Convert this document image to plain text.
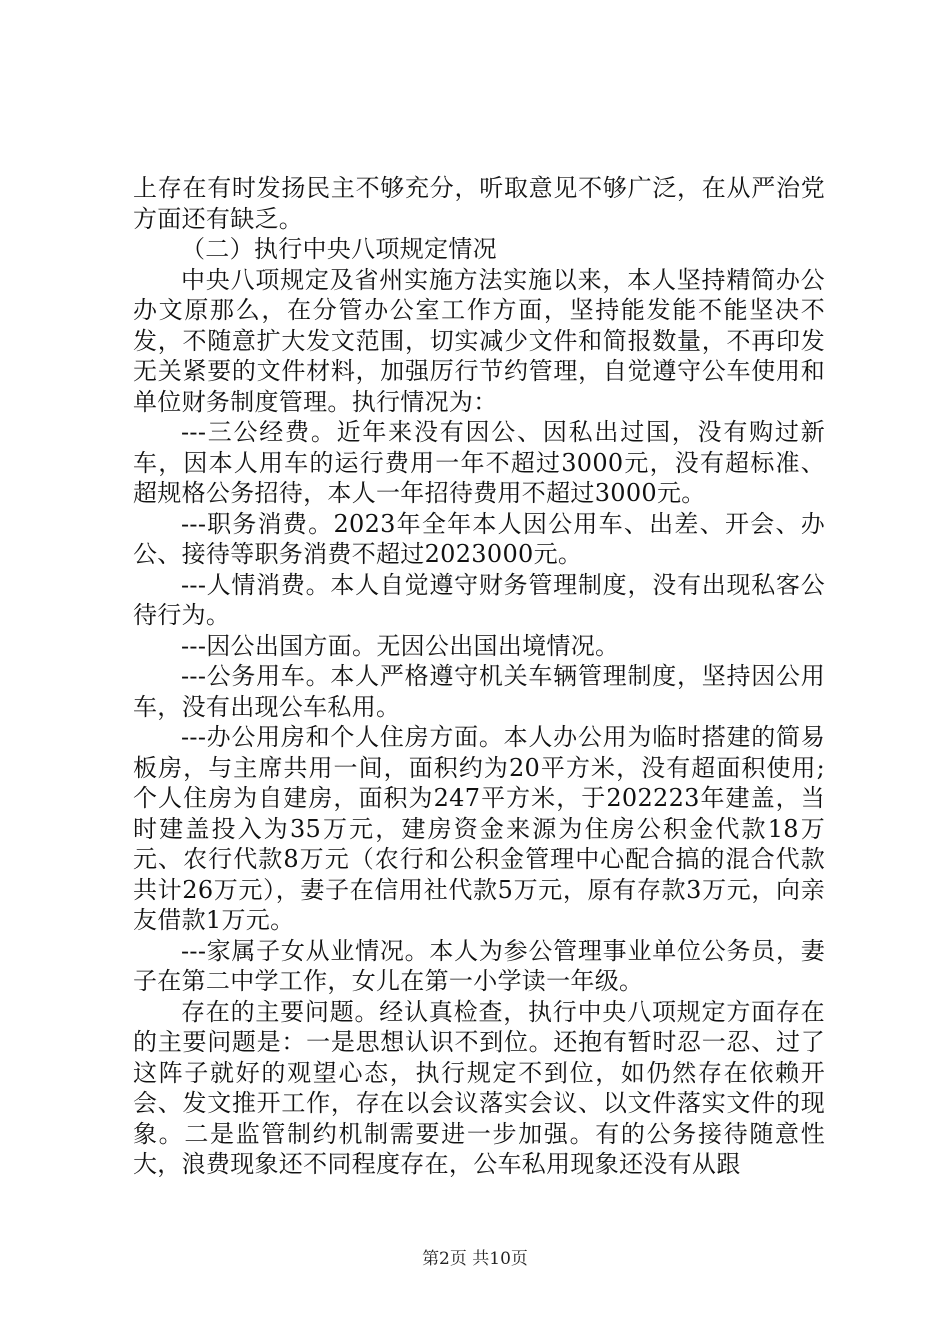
上存在有时发扬民主不够充分，听取意见不够广泛，在从严治党方面还有缺乏。

（二）执行中央八项规定情况

中央八项规定及省州实施方法实施以来，本人坚持精简办公办文原那么，在分管办公室工作方面，坚持能发能不能坚决不发，不随意扩大发文范围，切实减少文件和简报数量，不再印发无关紧要的文件材料，加强厉行节约管理，自觉遵守公车使用和单位财务制度管理。执行情况为：

---三公经费。近年来没有因公、因私出过国，没有购过新车，因本人用车的运行费用一年不超过3000元，没有超标准、超规格公务招待，本人一年招待费用不超过3000元。

---职务消费。2023年全年本人因公用车、出差、开会、办公、接待等职务消费不超过2023000元。

---人情消费。本人自觉遵守财务管理制度，没有出现私客公待行为。

---因公出国方面。无因公出国出境情况。

---公务用车。本人严格遵守机关车辆管理制度，坚持因公用车，没有出现公车私用。

---办公用房和个人住房方面。本人办公用为临时搭建的简易板房，与主席共用一间，面积约为20平方米，没有超面积使用;个人住房为自建房，面积为247平方米，于202223年建盖，当时建盖投入为35万元，建房资金来源为住房公积金代款18万元、农行代款8万元（农行和公积金管理中心配合搞的混合代款共计26万元），妻子在信用社代款5万元，原有存款3万元，向亲友借款1万元。

---家属子女从业情况。本人为参公管理事业单位公务员，妻子在第二中学工作，女儿在第一小学读一年级。

存在的主要问题。经认真检查，执行中央八项规定方面存在的主要问题是：一是思想认识不到位。还抱有暂时忍一忍、过了这阵子就好的观望心态，执行规定不到位，如仍然存在依赖开会、发文推开工作，存在以会议落实会议、以文件落实文件的现象。二是监管制约机制需要进一步加强。有的公务接待随意性大，浪费现象还不同程度存在，公车私用现象还没有从跟

第2页 共10页
